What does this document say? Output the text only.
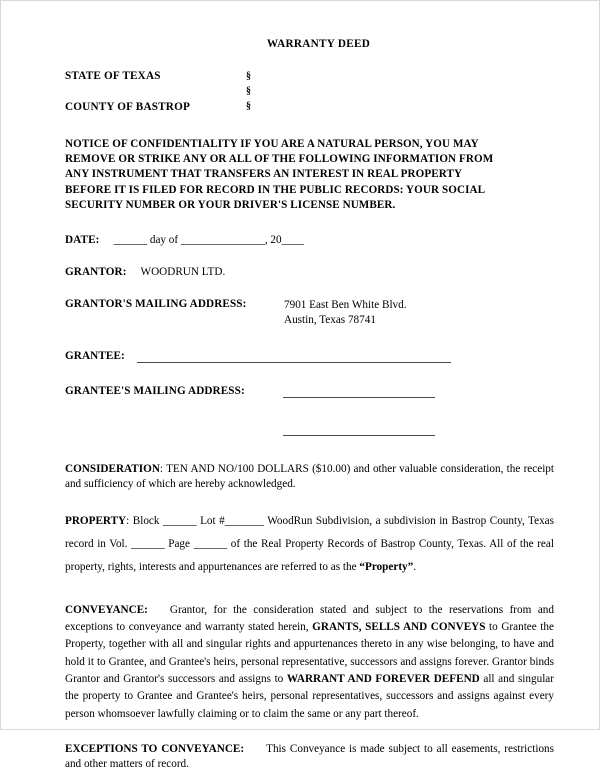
WARRANTY DEED
STATE OF TEXAS
COUNTY OF BASTROP
§
§
§
NOTICE OF CONFIDENTIALITY IF YOU ARE A NATURAL PERSON, YOU MAY
REMOVE OR STRIKE ANY OR ALL OF THE FOLLOWING INFORMATION FROM
ANY INSTRUMENT THAT TRANSFERS AN INTEREST IN REAL PROPERTY
BEFORE IT IS FILED FOR RECORD IN THE PUBLIC RECORDS: YOUR SOCIAL
SECURITY NUMBER OR YOUR DRIVER'S LICENSE NUMBER.
DATE: ______ day of _______________, 20____
GRANTOR: WOODRUN LTD.
GRANTOR'S MAILING ADDRESS:	7901 East Ben White Blvd.
Austin, Texas 78741
GRANTEE:
GRANTEE'S MAILING ADDRESS:
CONSIDERATION: TEN AND NO/100 DOLLARS ($10.00) and other valuable consideration, the receipt and sufficiency of which are hereby acknowledged.
PROPERTY: Block ______ Lot #_______ WoodRun Subdivision, a subdivision in Bastrop County, Texas record in Vol. ______ Page ______ of the Real Property Records of Bastrop County, Texas. All of the real property, rights, interests and appurtenances are referred to as the “Property”.
CONVEYANCE: Grantor, for the consideration stated and subject to the reservations from and exceptions to conveyance and warranty stated herein, GRANTS, SELLS AND CONVEYS to Grantee the Property, together with all and singular rights and appurtenances thereto in any wise belonging, to have and hold it to Grantee, and Grantee's heirs, personal representative, successors and assigns forever. Grantor binds Grantor and Grantor's successors and assigns to WARRANT AND FOREVER DEFEND all and singular the property to Grantee and Grantee's heirs, personal representatives, successors and assigns against every person whomsoever lawfully claiming or to claim the same or any part thereof.
EXCEPTIONS TO CONVEYANCE: This Conveyance is made subject to all easements, restrictions and other matters of record.
